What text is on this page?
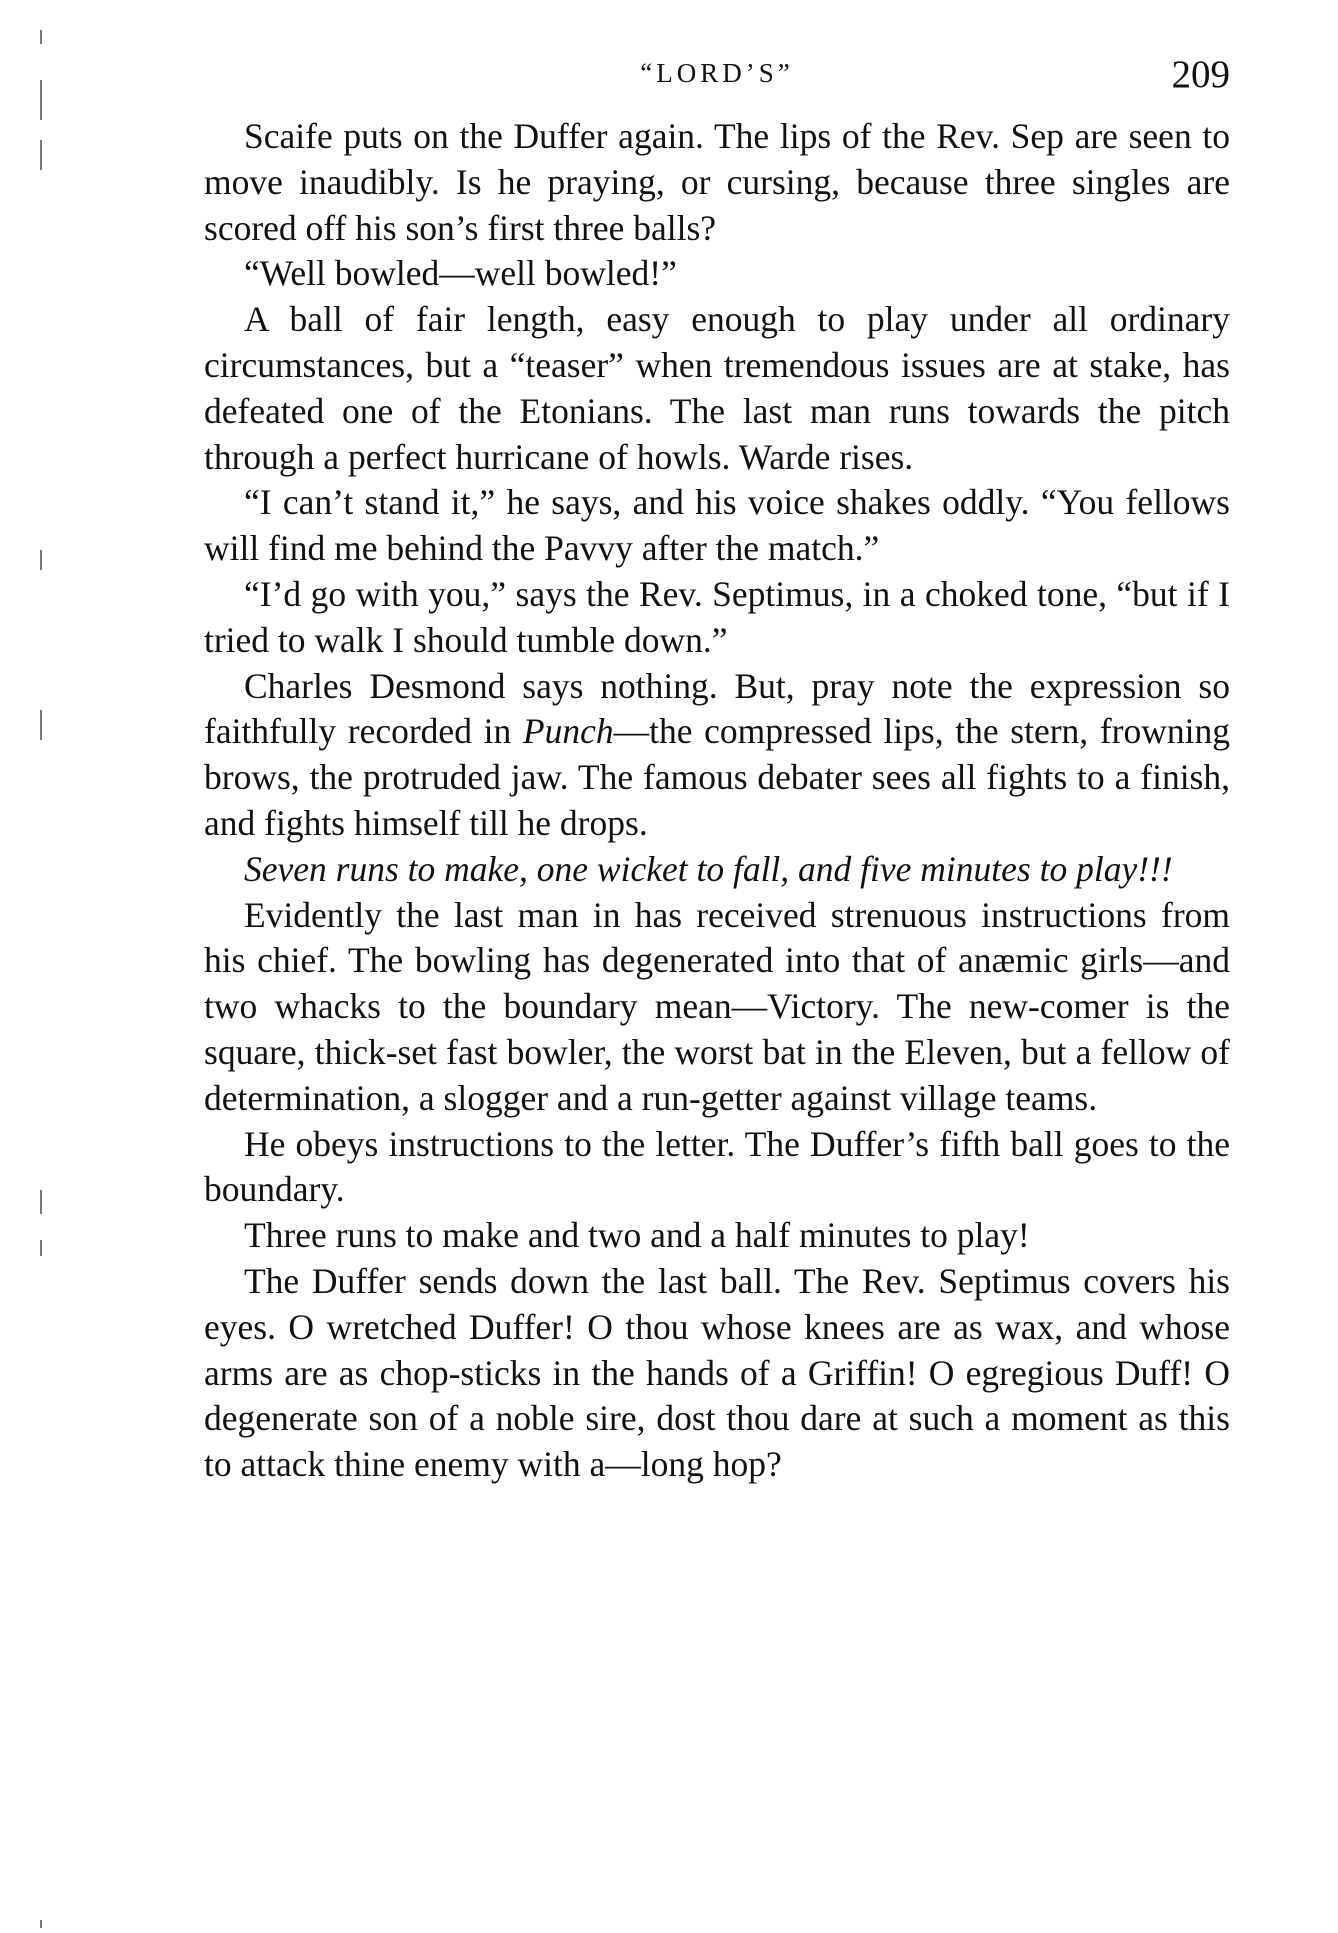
“LORD’S”	209

Scaife puts on the Duffer again. The lips of the Rev. Sep are seen to move inaudibly. Is he praying, or cursing, because three singles are scored off his son’s first three balls?

“Well bowled—well bowled!”

A ball of fair length, easy enough to play under all ordinary circumstances, but a “teaser” when tremendous issues are at stake, has defeated one of the Etonians. The last man runs towards the pitch through a perfect hurricane of howls. Warde rises.

“I can’t stand it,” he says, and his voice shakes oddly. “You fellows will find me behind the Pavvy after the match.”

“I’d go with you,” says the Rev. Septimus, in a choked tone, “but if I tried to walk I should tumble down.”

Charles Desmond says nothing. But, pray note the expression so faithfully recorded in Punch—the compressed lips, the stern, frowning brows, the protruded jaw. The famous debater sees all fights to a finish, and fights himself till he drops.

Seven runs to make, one wicket to fall, and five minutes to play!!!

Evidently the last man in has received strenuous instructions from his chief. The bowling has degenerated into that of anæmic girls—and two whacks to the boundary mean—Victory. The new-comer is the square, thick-set fast bowler, the worst bat in the Eleven, but a fellow of determination, a slogger and a run-getter against village teams.

He obeys instructions to the letter. The Duffer’s fifth ball goes to the boundary.

Three runs to make and two and a half minutes to play!

The Duffer sends down the last ball. The Rev. Septimus covers his eyes. O wretched Duffer! O thou whose knees are as wax, and whose arms are as chop-sticks in the hands of a Griffin! O egregious Duff! O degenerate son of a noble sire, dost thou dare at such a moment as this to attack thine enemy with a—long hop?
